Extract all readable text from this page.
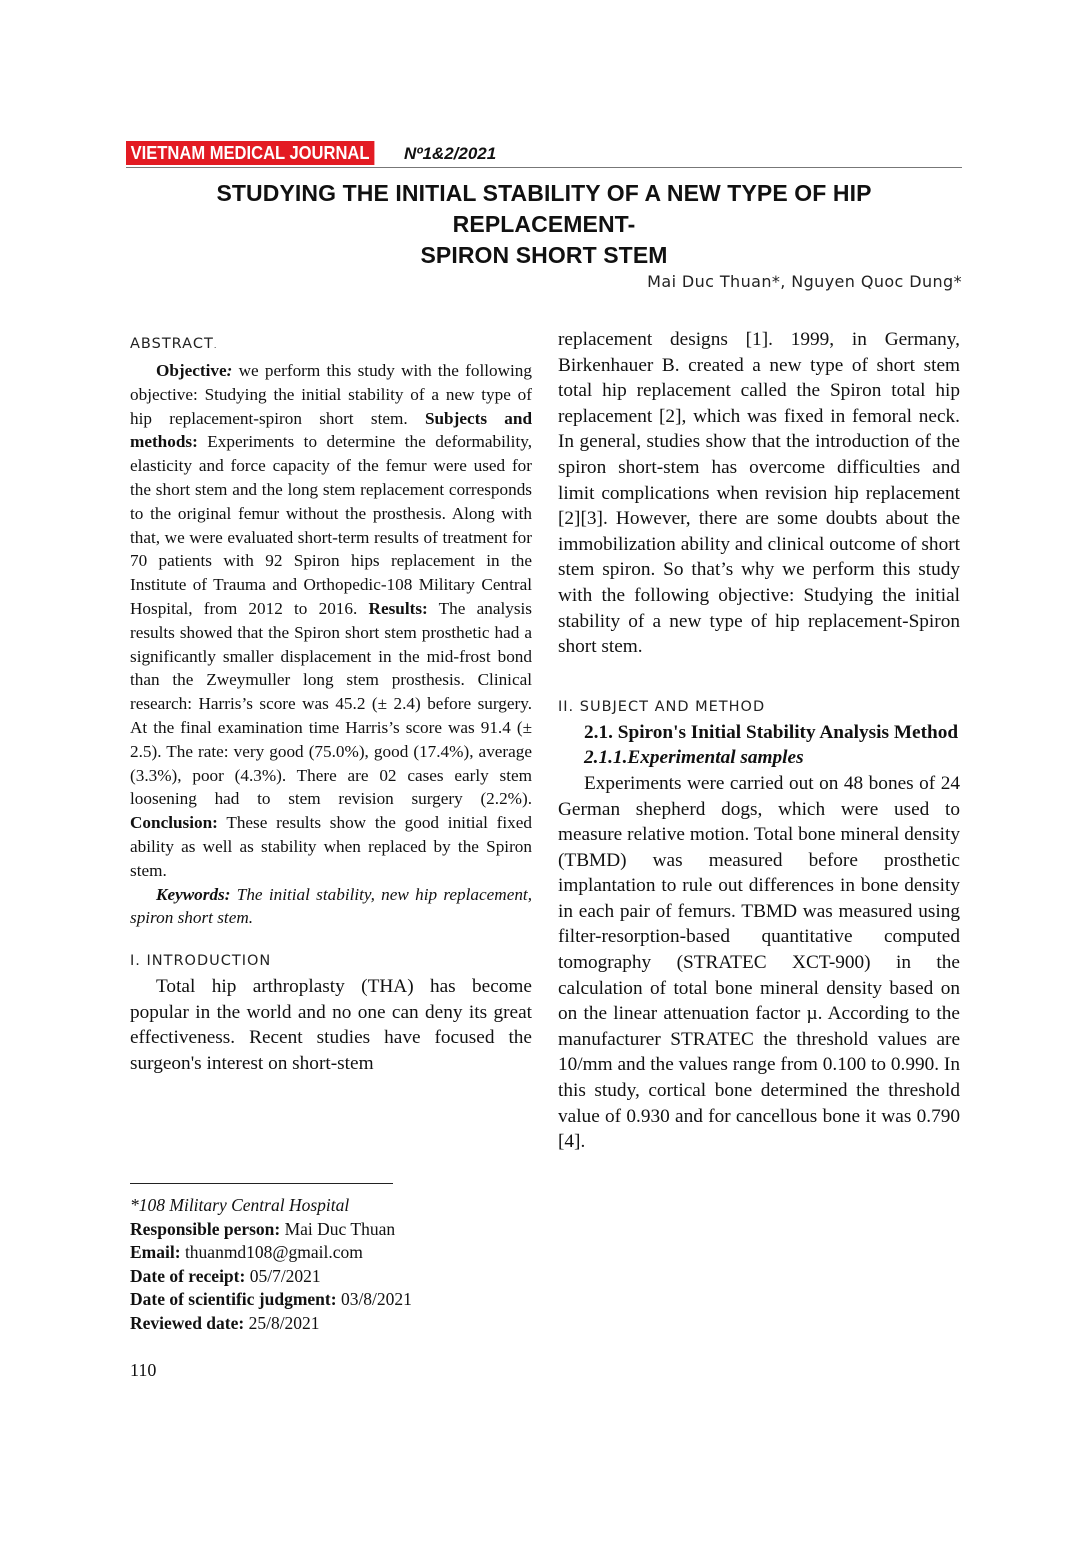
VIETNAM MEDICAL JOURNAL Nº1&2/2021
STUDYING THE INITIAL STABILITY OF A NEW TYPE OF HIP REPLACEMENT-
SPIRON SHORT STEM
Mai Duc Thuan*, Nguyen Quoc Dung*
ABSTRACT.

Objective: we perform this study with the following objective: Studying the initial stability of a new type of hip replacement-spiron short stem. Subjects and methods: Experiments to determine the deformability, elasticity and force capacity of the femur were used for the short stem and the long stem replacement corresponds to the original femur without the prosthesis. Along with that, we were evaluated short-term results of treatment for 70 patients with 92 Spiron hips replacement in the Institute of Trauma and Orthopedic-108 Military Central Hospital, from 2012 to 2016. Results: The analysis results showed that the Spiron short stem prosthetic had a significantly smaller displacement in the mid-frost bond than the Zweymuller long stem prosthesis. Clinical research: Harris’s score was 45.2 (± 2.4) before surgery. At the final examination time Harris’s score was 91.4 (± 2.5). The rate: very good (75.0%), good (17.4%), average (3.3%), poor (4.3%). There are 02 cases early stem loosening had to stem revision surgery (2.2%). Conclusion: These results show the good initial fixed ability as well as stability when replaced by the Spiron stem.

Keywords: The initial stability, new hip replacement, spiron short stem.

I. INTRODUCTION

Total hip arthroplasty (THA) has become popular in the world and no one can deny its great effectiveness. Recent studies have focused the surgeon's interest on short-stem

*108 Military Central Hospital
Responsible person: Mai Duc Thuan
Email: thuanmd108@gmail.com
Date of receipt: 05/7/2021
Date of scientific judgment: 03/8/2021
Reviewed date: 25/8/2021
110

replacement designs [1]. 1999, in Germany, Birkenhauer B. created a new type of short stem total hip replacement called the Spiron total hip replacement [2], which was fixed in femoral neck. In general, studies show that the introduction of the spiron short-stem has overcome difficulties and limit complications when revision hip replacement [2][3]. However, there are some doubts about the immobilization ability and clinical outcome of short stem spiron. So that’s why we perform this study with the following objective: Studying the initial stability of a new type of hip replacement-Spiron short stem.

II. SUBJECT AND METHOD

2.1. Spiron's Initial Stability Analysis Method

2.1.1.Experimental samples

Experiments were carried out on 48 bones of 24 German shepherd dogs, which were used to measure relative motion. Total bone mineral density (TBMD) was measured before prosthetic implantation to rule out differences in bone density in each pair of femurs. TBMD was measured using filter-resorption-based quantitative computed tomography (STRATEC XCT-900) in the calculation of total bone mineral density based on on the linear attenuation factor µ. According to the manufacturer STRATEC the threshold values are 10/mm and the values range from 0.100 to 0.990. In this study, cortical bone determined the threshold value of 0.930 and for cancellous bone it was 0.790 [4].
